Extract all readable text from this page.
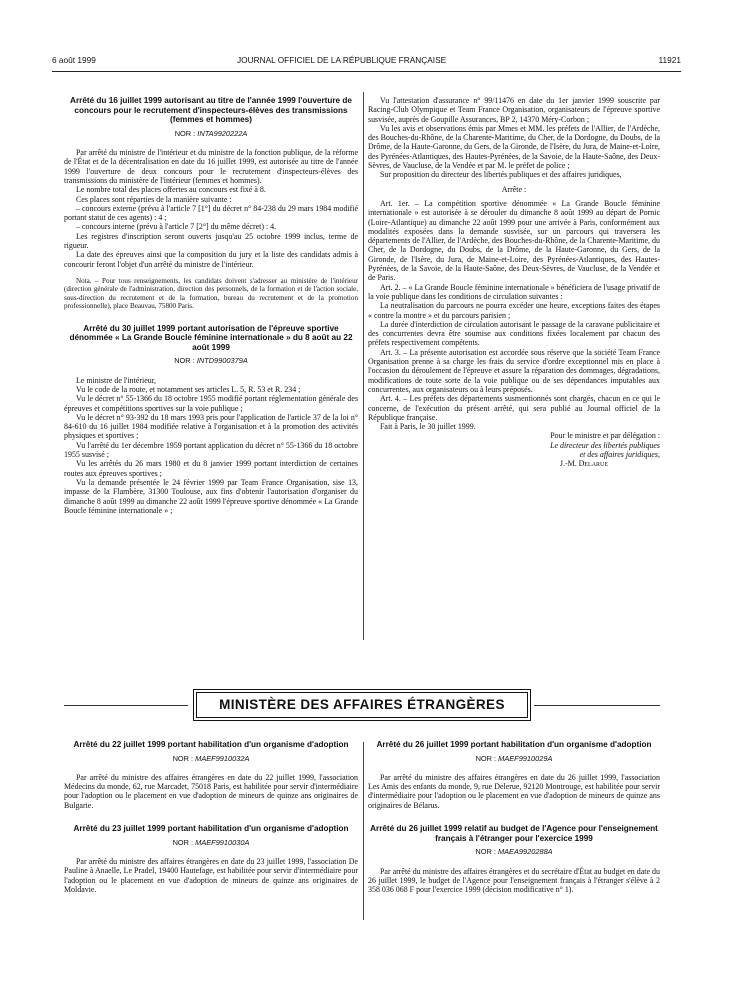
6 août 1999	JOURNAL OFFICIEL DE LA RÉPUBLIQUE FRANÇAISE	11921
Arrêté du 16 juillet 1999 autorisant au titre de l'année 1999 l'ouverture de concours pour le recrutement d'inspecteurs-élèves des transmissions (femmes et hommes)
NOR : INTA9920222A

Par arrêté du ministre de l'intérieur et du ministre de la fonction publique, de la réforme de l'État et de la décentralisation en date du 16 juillet 1999, est autorisée au titre de l'année 1999 l'ouverture de deux concours pour le recrutement d'inspecteurs-élèves des transmissions du ministère de l'intérieur (femmes et hommes).

Le nombre total des places offertes au concours est fixé à 8.

Ces places sont réparties de la manière suivante :

– concours externe (prévu à l'article 7 [1°] du décret n° 84-238 du 29 mars 1984 modifié portant statut de ces agents) : 4 ;

– concours interne (prévu à l'article 7 [2°] du même décret) : 4.

Les registres d'inscription seront ouverts jusqu'au 25 octobre 1999 inclus, terme de rigueur.

La date des épreuves ainsi que la composition du jury et la liste des candidats admis à concourir feront l'objet d'un arrêté du ministre de l'intérieur.

Nota. – Pour tous renseignements, les candidats doivent s'adresser au ministère de l'intérieur (direction générale de l'administration, direction des personnels, de la formation et de l'action sociale, sous-direction du recrutement et de la formation, bureau du recrutement et de la promotion professionnelle), place Beauvau, 75800 Paris.

Arrêté du 30 juillet 1999 portant autorisation de l'épreuve sportive dénommée « La Grande Boucle féminine internationale » du 8 août au 22 août 1999
NOR : INTD9900379A

Le ministre de l'intérieur,

Vu le code de la route, et notamment ses articles L. 5, R. 53 et R. 234 ;

Vu le décret n° 55-1366 du 18 octobre 1955 modifié portant réglementation générale des épreuves et compétitions sportives sur la voie publique ;

Vu le décret n° 93-392 du 18 mars 1993 pris pour l'application de l'article 37 de la loi n° 84-610 du 16 juillet 1984 modifiée relative à l'organisation et à la promotion des activités physiques et sportives ;

Vu l'arrêté du 1er décembre 1959 portant application du décret n° 55-1366 du 18 octobre 1955 susvisé ;

Vu les arrêtés du 26 mars 1980 et du 8 janvier 1999 portant interdiction de certaines routes aux épreuves sportives ;

Vu la demande présentée le 24 février 1999 par Team France Organisation, sise 13, impasse de la Flambère, 31300 Toulouse, aux fins d'obtenir l'autorisation d'organiser du dimanche 8 août 1999 au dimanche 22 août 1999 l'épreuve sportive dénommée « La Grande Boucle féminine internationale » ;

Vu l'attestation d'assurance n° 99/11476 en date du 1er janvier 1999 souscrite par Racing-Club Olympique et Team France Organisation, organisateurs de l'épreuve sportive susvisée, auprès de Goupille Assurances, BP 2, 14370 Méry-Corbon ;

Vu les avis et observations émis par Mmes et MM. les préfets de l'Allier, de l'Ardèche, des Bouches-du-Rhône, de la Charente-Maritime, du Cher, de la Dordogne, du Doubs, de la Drôme, de la Haute-Garonne, du Gers, de la Gironde, de l'Isère, du Jura, de Maine-et-Loire, des Pyrénées-Atlantiques, des Hautes-Pyrénées, de la Savoie, de la Haute-Saône, des Deux-Sèvres, de Vaucluse, de la Vendée et par M. le préfet de police ;

Sur proposition du directeur des libertés publiques et des affaires juridiques,

Arrête :

Art. 1er. – La compétition sportive dénommée « La Grande Boucle féminine internationale » est autorisée à se dérouler du dimanche 8 août 1999 au départ de Pornic (Loire-Atlantique) au dimanche 22 août 1999 pour une arrivée à Paris, conformément aux modalités exposées dans la demande susvisée, sur un parcours qui traversera les départements de l'Allier, de l'Ardèche, des Bouches-du-Rhône, de la Charente-Maritime, du Cher, de la Dordogne, du Doubs, de la Drôme, de la Haute-Garonne, du Gers, de la Gironde, de l'Isère, du Jura, de Maine-et-Loire, des Pyrénées-Atlantiques, des Hautes-Pyrénées, de la Savoie, de la Haute-Saône, des Deux-Sèvres, de Vaucluse, de la Vendée et de Paris.

Art. 2. – « La Grande Boucle féminine internationale » bénéficiera de l'usage privatif de la voie publique dans les conditions de circulation suivantes :

La neutralisation du parcours ne pourra excéder une heure, exceptions faites des étapes « contre la montre » et du parcours parisien ;

La durée d'interdiction de circulation autorisant le passage de la caravane publicitaire et des concurrentes devra être soumise aux conditions fixées localement par chacun des préfets respectivement compétents.

Art. 3. – La présente autorisation est accordée sous réserve que la société Team France Organisation prenne à sa charge les frais du service d'ordre exceptionnel mis en place à l'occasion du déroulement de l'épreuve et assure la réparation des dommages, dégradations, modifications de toute sorte de la voie publique ou de ses dépendances imputables aux concurrentes, aux organisateurs ou à leurs préposés.

Art. 4. – Les préfets des départements susmentionnés sont chargés, chacun en ce qui le concerne, de l'exécution du présent arrêté, qui sera publié au Journal officiel de la République française.

Fait à Paris, le 30 juillet 1999.

Pour le ministre et par délégation :

Le directeur des libertés publiques

et des affaires juridiques,

J.-M. Delarue

MINISTÈRE DES AFFAIRES ÉTRANGÈRES
Arrêté du 22 juillet 1999 portant habilitation d'un organisme d'adoption
NOR : MAEF9910032A

Par arrêté du ministre des affaires étrangères en date du 22 juillet 1999, l'association Médecins du monde, 62, rue Marcadet, 75018 Paris, est habilitée pour servir d'intermédiaire pour l'adoption ou le placement en vue d'adoption de mineurs de quinze ans originaires de Bulgarie.

Arrêté du 23 juillet 1999 portant habilitation d'un organisme d'adoption
NOR : MAEF9910030A

Par arrêté du ministre des affaires étrangères en date du 23 juillet 1999, l'association De Pauline à Anaelle, Le Pradel, 19400 Hautefage, est habilitée pour servir d'intermédiaire pour l'adoption ou le placement en vue d'adoption de mineurs de quinze ans originaires de Moldavie.

Arrêté du 26 juillet 1999 portant habilitation d'un organisme d'adoption
NOR : MAEF9910029A

Par arrêté du ministre des affaires étrangères en date du 26 juillet 1999, l'association Les Amis des enfants du monde, 9, rue Delerue, 92120 Montrouge, est habilitée pour servir d'intermédiaire pour l'adoption ou le placement en vue d'adoption de mineurs de quinze ans originaires de Bélarus.

Arrêté du 26 juillet 1999 relatif au budget de l'Agence pour l'enseignement français à l'étranger pour l'exercice 1999
NOR : MAEA9920288A

Par arrêté du ministre des affaires étrangères et du secrétaire d'État au budget en date du 26 juillet 1999, le budget de l'Agence pour l'enseignement français à l'étranger s'élève à 2 358 036 068 F pour l'exercice 1999 (décision modificative n° 1).
